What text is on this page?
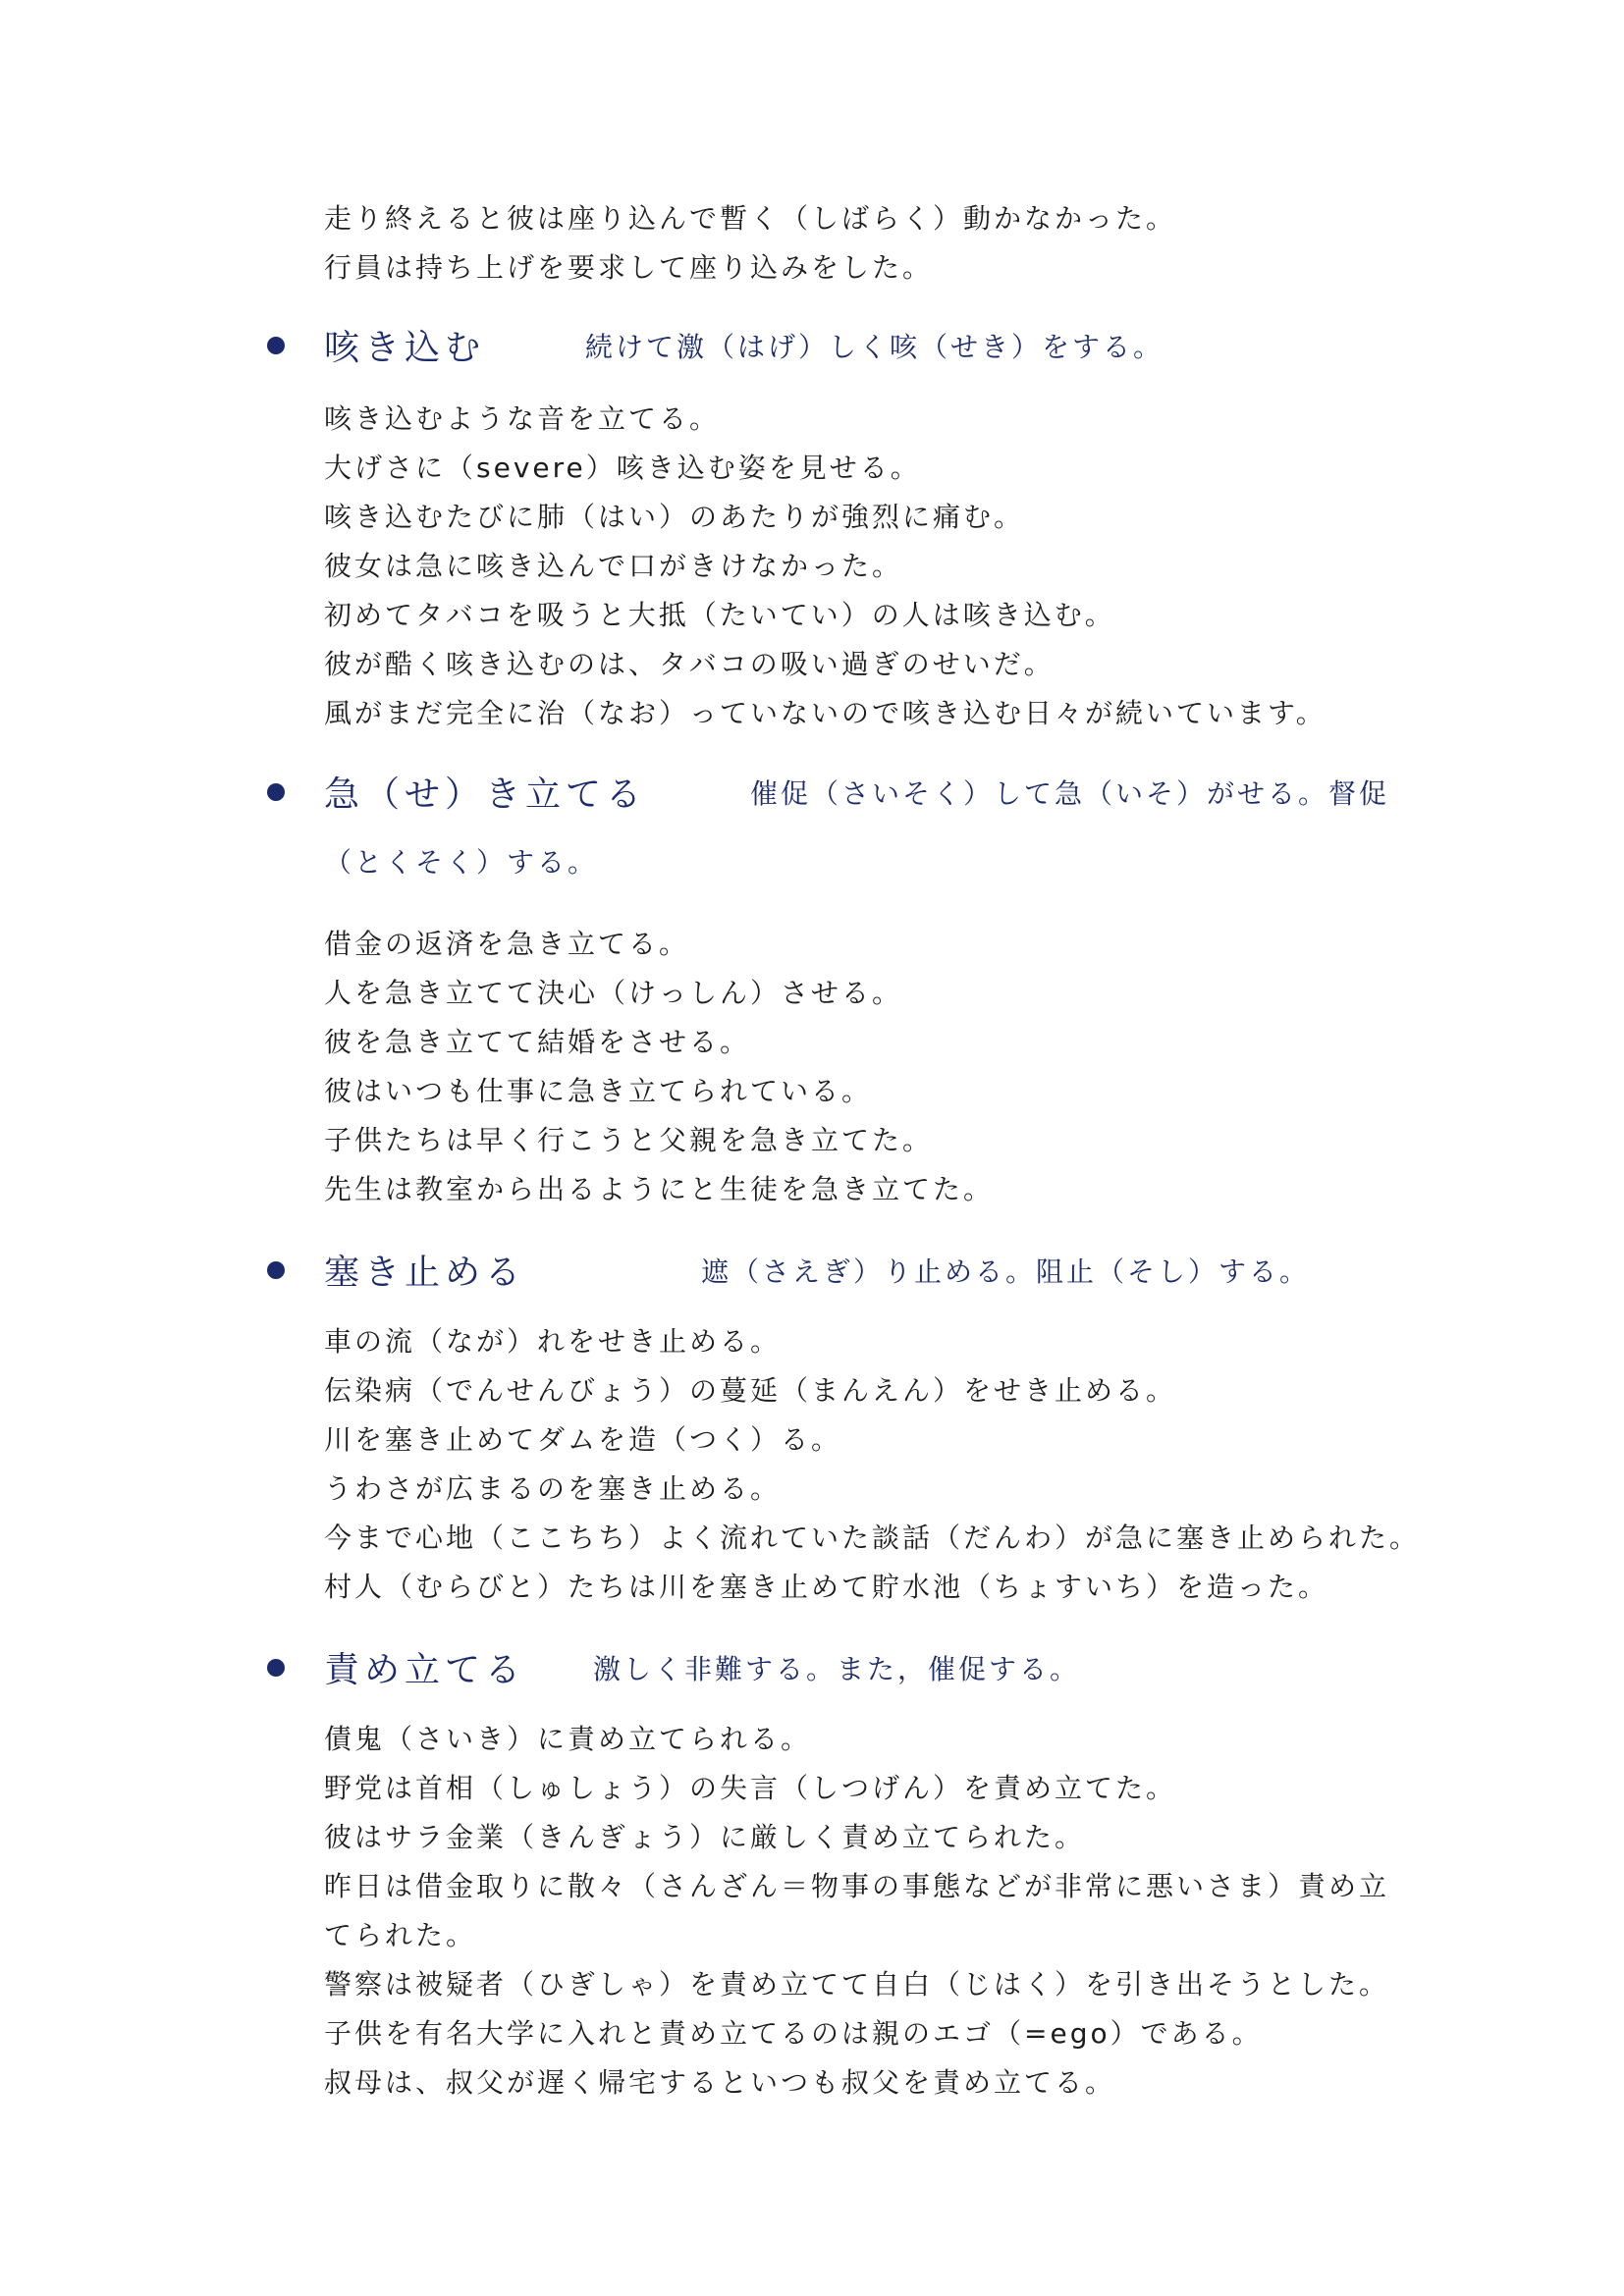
走り終えると彼は座り込んで暫く（しばらく）動かなかった。
行員は持ち上げを要求して座り込みをした。
咳き込む	続けて激（はげ）しく咳（せき）をする。
咳き込むような音を立てる。
大げさに（severe）咳き込む姿を見せる。
咳き込むたびに肺（はい）のあたりが強烈に痛む。
彼女は急に咳き込んで口がきけなかった。
初めてタバコを吸うと大抵（たいてい）の人は咳き込む。
彼が酷く咳き込むのは、タバコの吸い過ぎのせいだ。
風がまだ完全に治（なお）っていないので咳き込む日々が続いています。
急（せ）き立てる	催促（さいそく）して急（いそ）がせる。督促
（とくそく）する。
借金の返済を急き立てる。
人を急き立てて決心（けっしん）させる。
彼を急き立てて結婚をさせる。
彼はいつも仕事に急き立てられている。
子供たちは早く行こうと父親を急き立てた。
先生は教室から出るようにと生徒を急き立てた。
塞き止める	遮（さえぎ）り止める。阻止（そし）する。
車の流（なが）れをせき止める。
伝染病（でんせんびょう）の蔓延（まんえん）をせき止める。
川を塞き止めてダムを造（つく）る。
うわさが広まるのを塞き止める。
今まで心地（ここちち）よく流れていた談話（だんわ）が急に塞き止められた。
村人（むらびと）たちは川を塞き止めて貯水池（ちょすいち）を造った。
責め立てる 激しく非難する。また，催促する。
債鬼（さいき）に責め立てられる。
野党は首相（しゅしょう）の失言（しつげん）を責め立てた。
彼はサラ金業（きんぎょう）に厳しく責め立てられた。
昨日は借金取りに散々（さんざん＝物事の事態などが非常に悪いさま）責め立
てられた。
警察は被疑者（ひぎしゃ）を責め立てて自白（じはく）を引き出そうとした。
子供を有名大学に入れと責め立てるのは親のエゴ（=ego）である。
叔母は、叔父が遅く帰宅するといつも叔父を責め立てる。
